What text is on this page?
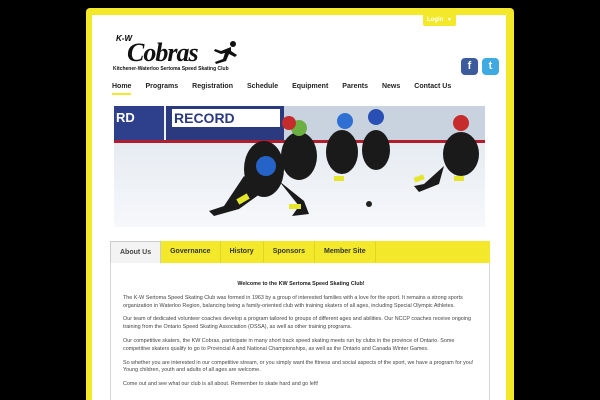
Login ▼
K-W
Cobras
Kitchener-Waterloo Sertoma Speed Skating Club	f	t
Home Programs Registration Schedule Equipment Parents News Contact Us
RD	RECORD
About Us	Governance	History	Sponsors	Member Site
Welcome to the KW Sertoma Speed Skating Club!

The K-W Sertoma Speed Skating Club was formed in 1963 by a group of interested families with a love for the sport. It remains a strong sports organization in Waterloo Region, balancing being a family-oriented club with training skaters of all ages, including Special Olympic Athletes.

Our team of dedicated volunteer coaches develop a program tailored to groups of different ages and abilities. Our NCCP coaches receive ongoing training from the Ontario Speed Skating Association (OSSA), as well as other training programs.

Our competitive skaters, the KW Cobras, participate in many short track speed skating meets run by clubs in the province of Ontario. Some competitive skaters qualify to go to Provincial A and National Championships, as well as the Ontario and Canada Winter Games.

So whether you are interested in our competitive stream, or you simply want the fitness and social aspects of the sport, we have a program for you! Young children, youth and adults of all ages are welcome.

Come out and see what our club is all about. Remember to skate hard and go left!
